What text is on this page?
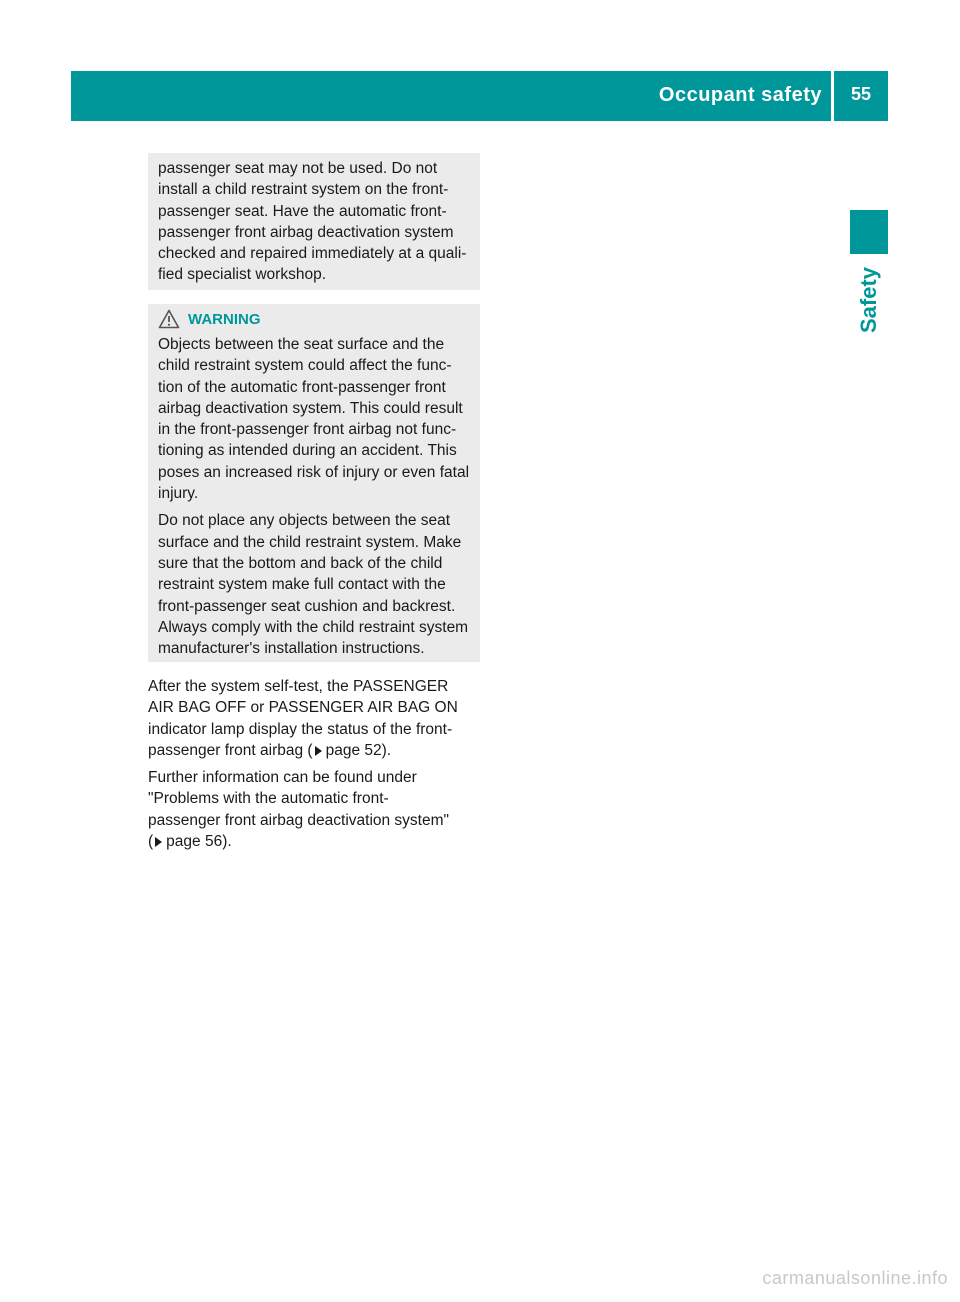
Occupant safety	55
Safety

passenger seat may not be used. Do not
install a child restraint system on the front-
passenger seat. Have the automatic front-
passenger front airbag deactivation system
checked and repaired immediately at a quali-
fied specialist workshop.

WARNING

Objects between the seat surface and the
child restraint system could affect the func-
tion of the automatic front-passenger front
airbag deactivation system. This could result
in the front-passenger front airbag not func-
tioning as intended during an accident. This
poses an increased risk of injury or even fatal
injury.

Do not place any objects between the seat
surface and the child restraint system. Make
sure that the bottom and back of the child
restraint system make full contact with the
front-passenger seat cushion and backrest.
Always comply with the child restraint system
manufacturer's installation instructions.

After the system self-test, the PASSENGER
AIR BAG OFF or PASSENGER AIR BAG ON
indicator lamp display the status of the front-
passenger front airbag ( page 52).

Further information can be found under
"Problems with the automatic front-
passenger front airbag deactivation system"
( page 56).

carmanualsonline.info
